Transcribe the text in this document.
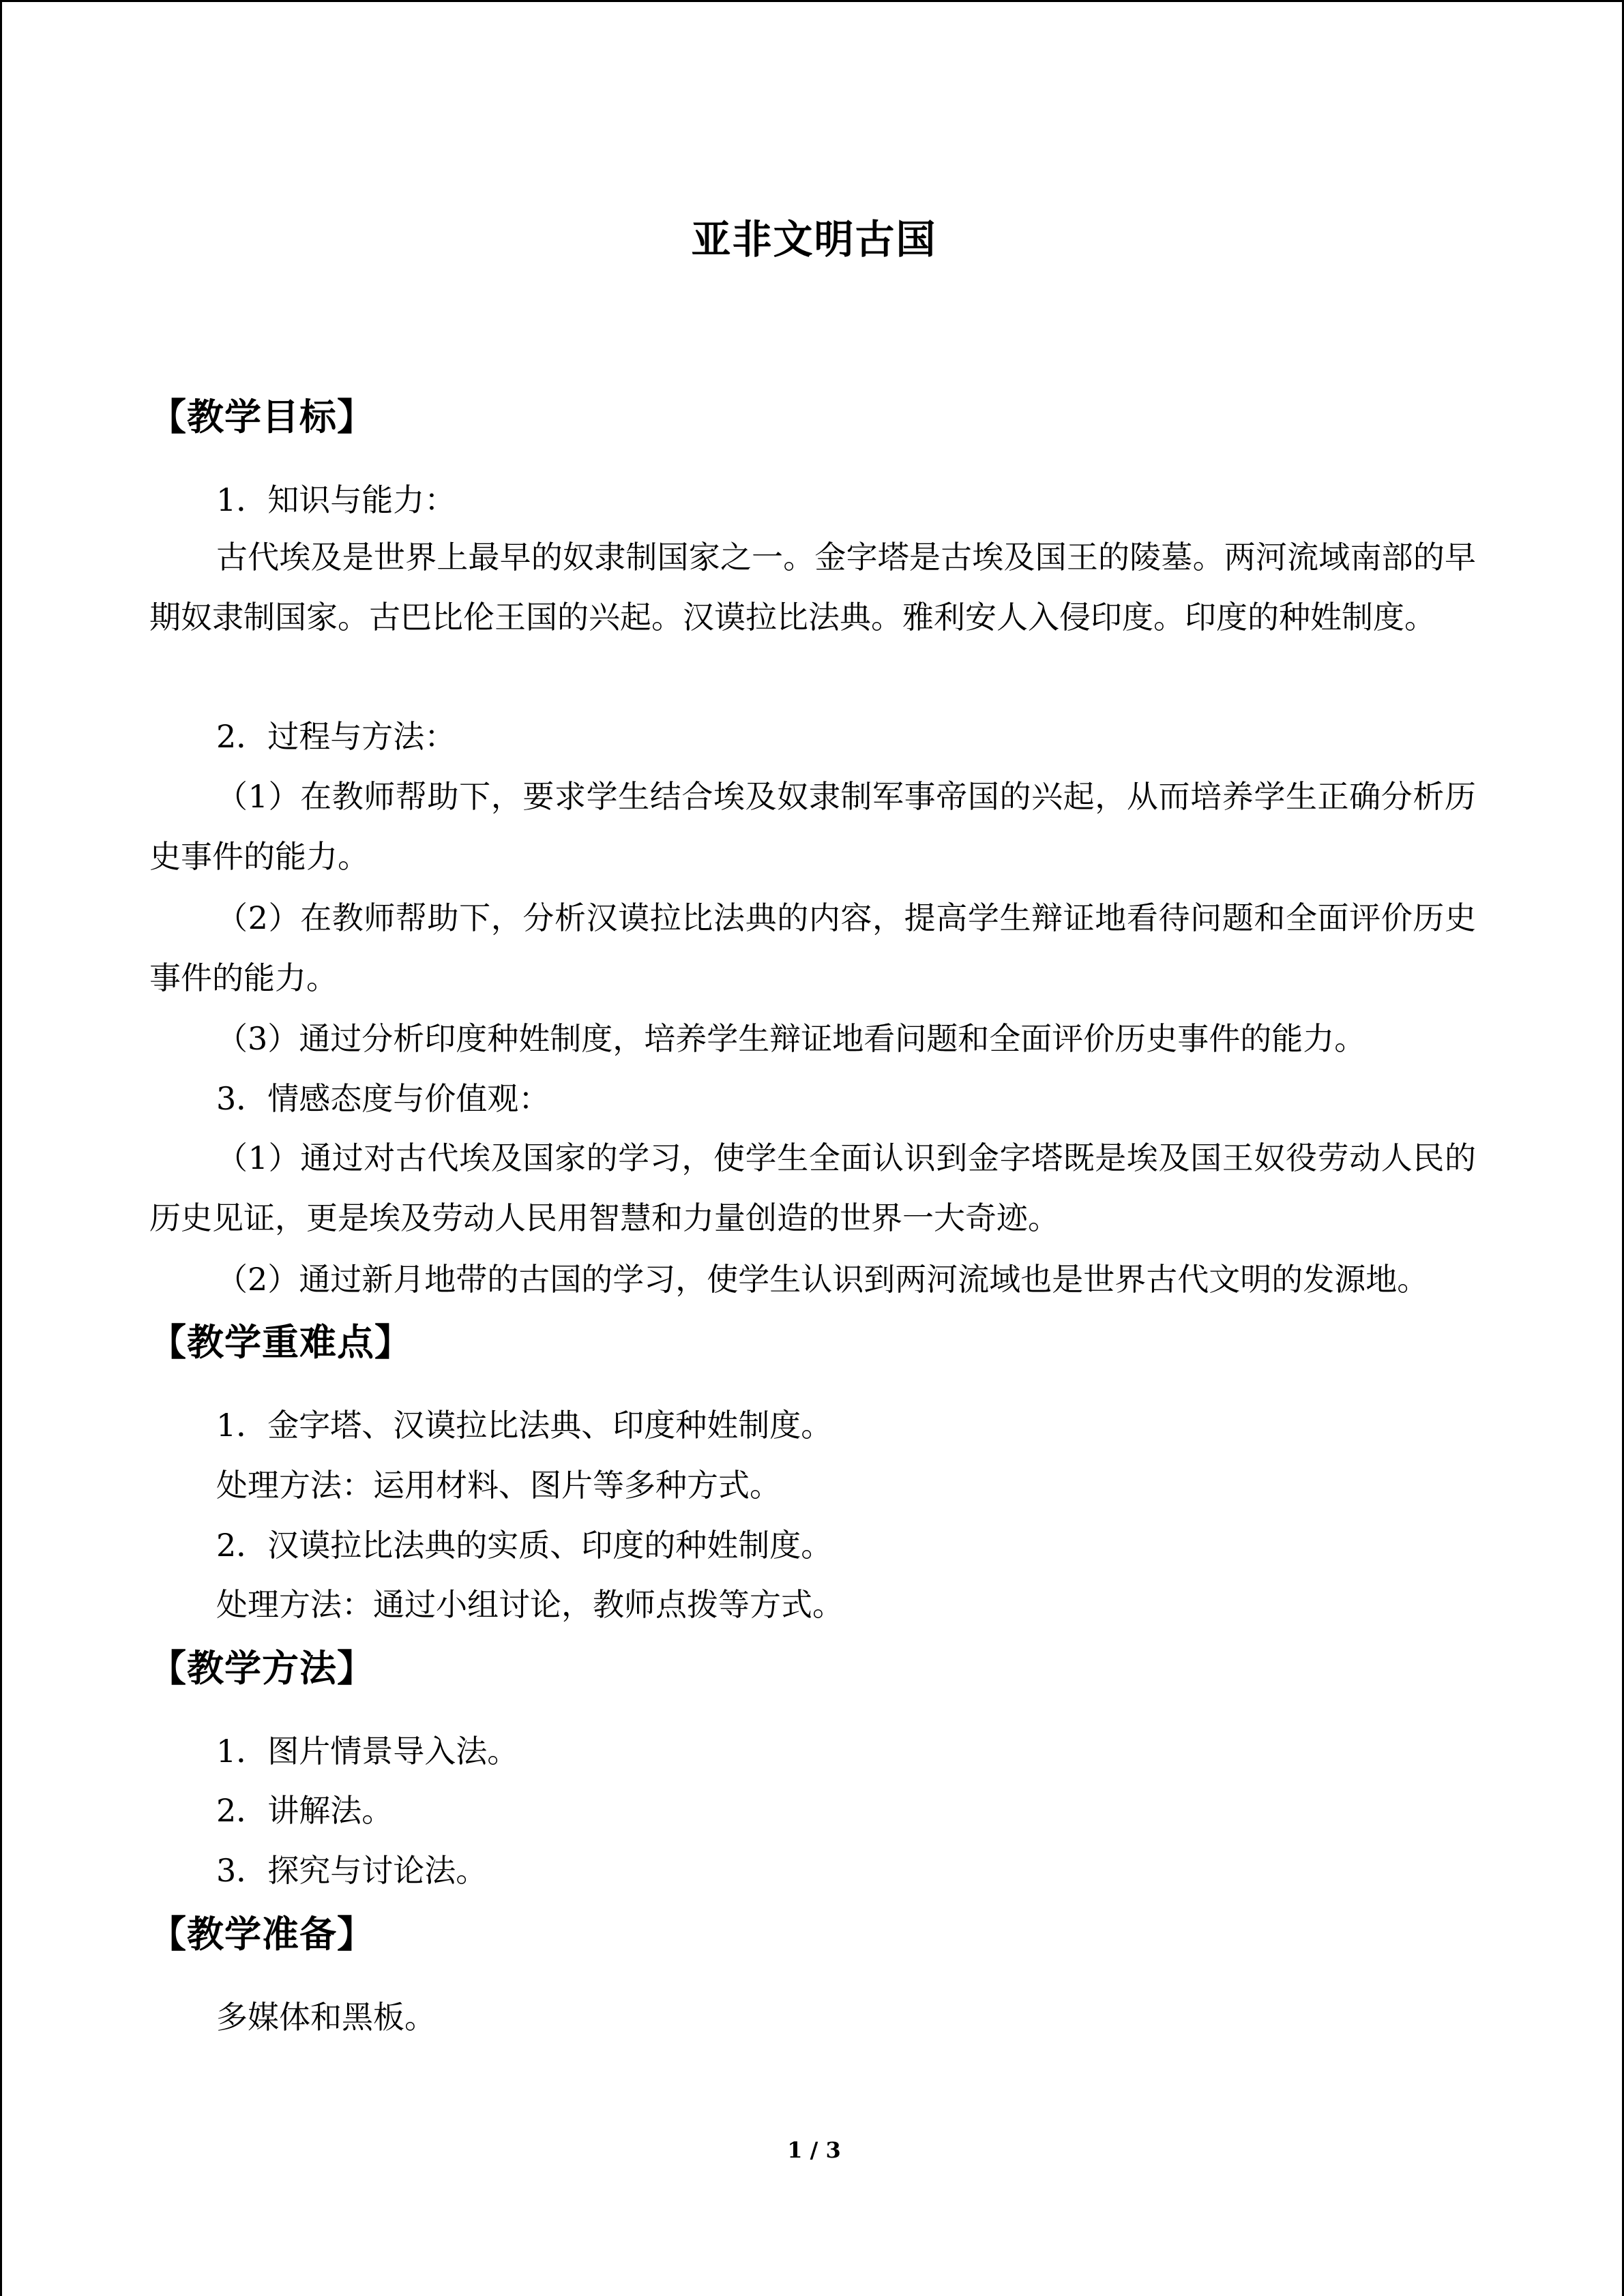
亚非文明古国
【教学目标】
1．知识与能力：
古代埃及是世界上最早的奴隶制国家之一。金字塔是古埃及国王的陵墓。两河流域南部的早期奴隶制国家。古巴比伦王国的兴起。汉谟拉比法典。雅利安人入侵印度。印度的种姓制度。
2．过程与方法：
（1）在教师帮助下，要求学生结合埃及奴隶制军事帝国的兴起，从而培养学生正确分析历史事件的能力。
（2）在教师帮助下，分析汉谟拉比法典的内容，提高学生辩证地看待问题和全面评价历史事件的能力。
（3）通过分析印度种姓制度，培养学生辩证地看问题和全面评价历史事件的能力。
3．情感态度与价值观：
（1）通过对古代埃及国家的学习，使学生全面认识到金字塔既是埃及国王奴役劳动人民的历史见证，更是埃及劳动人民用智慧和力量创造的世界一大奇迹。
（2）通过新月地带的古国的学习，使学生认识到两河流域也是世界古代文明的发源地。
【教学重难点】
1．金字塔、汉谟拉比法典、印度种姓制度。
处理方法：运用材料、图片等多种方式。
2．汉谟拉比法典的实质、印度的种姓制度。
处理方法：通过小组讨论，教师点拨等方式。
【教学方法】
1．图片情景导入法。
2．讲解法。
3．探究与讨论法。
【教学准备】
多媒体和黑板。
1 / 3
